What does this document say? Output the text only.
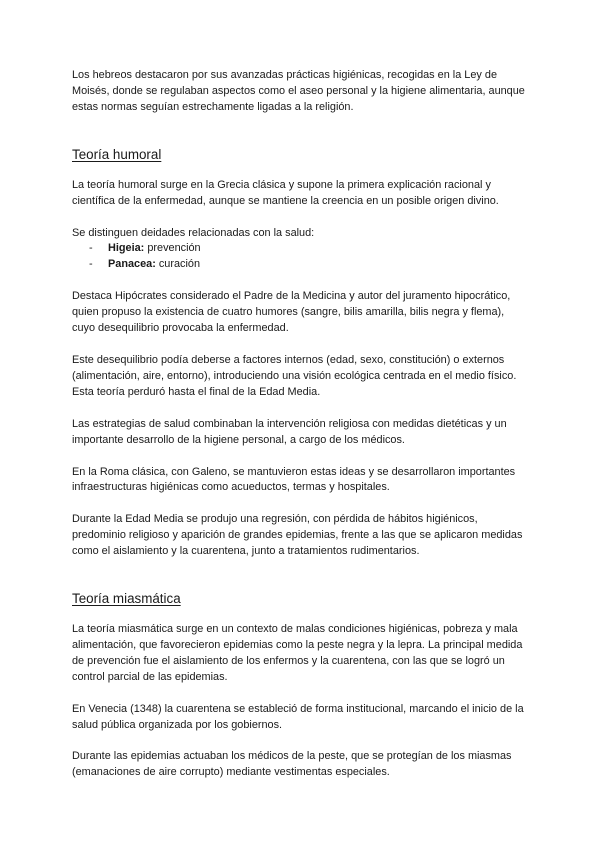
Los hebreos destacaron por sus avanzadas prácticas higiénicas, recogidas en la Ley de Moisés, donde se regulaban aspectos como el aseo personal y la higiene alimentaria, aunque estas normas seguían estrechamente ligadas a la religión.

Teoría humoral

La teoría humoral surge en la Grecia clásica y supone la primera explicación racional y científica de la enfermedad, aunque se mantiene la creencia en un posible origen divino.

Se distinguen deidades relacionadas con la salud:

- Higeia: prevención
- Panacea: curación

Destaca Hipócrates considerado el Padre de la Medicina y autor del juramento hipocrático, quien propuso la existencia de cuatro humores (sangre, bilis amarilla, bilis negra y flema), cuyo desequilibrio provocaba la enfermedad.

Este desequilibrio podía deberse a factores internos (edad, sexo, constitución) o externos (alimentación, aire, entorno), introduciendo una visión ecológica centrada en el medio físico. Esta teoría perduró hasta el final de la Edad Media.

Las estrategias de salud combinaban la intervención religiosa con medidas dietéticas y un importante desarrollo de la higiene personal, a cargo de los médicos.

En la Roma clásica, con Galeno, se mantuvieron estas ideas y se desarrollaron importantes infraestructuras higiénicas como acueductos, termas y hospitales.

Durante la Edad Media se produjo una regresión, con pérdida de hábitos higiénicos, predominio religioso y aparición de grandes epidemias, frente a las que se aplicaron medidas como el aislamiento y la cuarentena, junto a tratamientos rudimentarios.

Teoría miasmática

La teoría miasmática surge en un contexto de malas condiciones higiénicas, pobreza y mala alimentación, que favorecieron epidemias como la peste negra y la lepra. La principal medida de prevención fue el aislamiento de los enfermos y la cuarentena, con las que se logró un control parcial de las epidemias.

En Venecia (1348) la cuarentena se estableció de forma institucional, marcando el inicio de la salud pública organizada por los gobiernos.

Durante las epidemias actuaban los médicos de la peste, que se protegían de los miasmas (emanaciones de aire corrupto) mediante vestimentas especiales.
